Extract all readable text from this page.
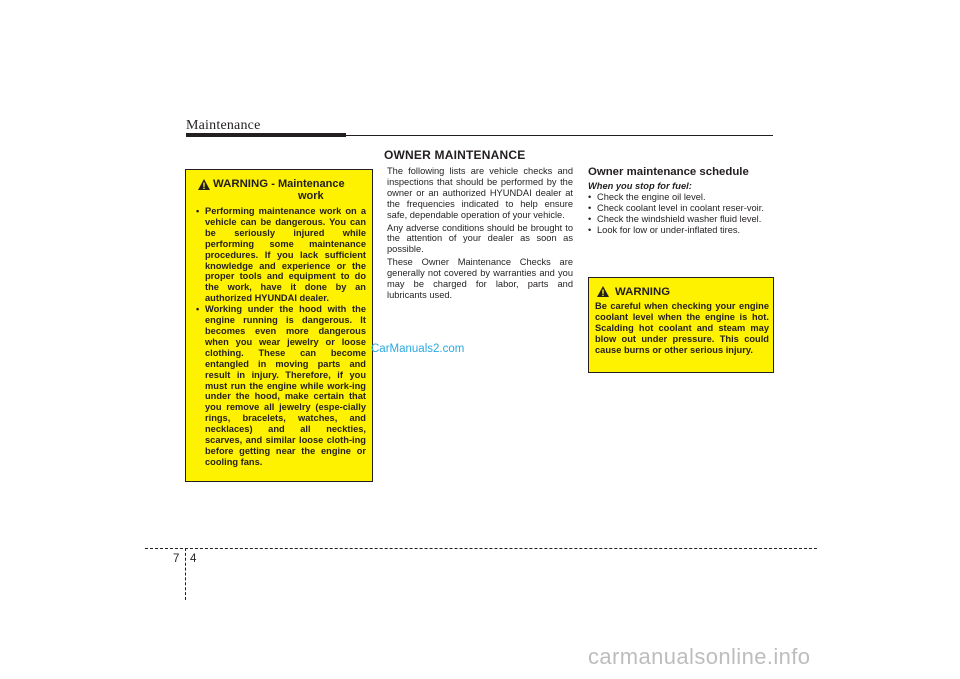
Maintenance
OWNER MAINTENANCE
WARNING - Maintenance
work
• Performing maintenance work on a vehicle can be dangerous. You can be seriously injured while performing some maintenance procedures. If you lack sufficient knowledge and experience or the proper tools and equipment to do the work, have it done by an authorized HYUNDAI dealer.
• Working under the hood with the engine running is dangerous. It becomes even more dangerous when you wear jewelry or loose clothing. These can become entangled in moving parts and result in injury. Therefore, if you must run the engine while work-ing under the hood, make certain that you remove all jewelry (espe-cially rings, bracelets, watches, and necklaces) and all neckties, scarves, and similar loose cloth-ing before getting near the engine or cooling fans.

The following lists are vehicle checks and inspections that should be performed by the owner or an authorized HYUNDAI dealer at the frequencies indicated to help ensure safe, dependable operation of your vehicle.

Any adverse conditions should be brought to the attention of your dealer as soon as possible.

These Owner Maintenance Checks are generally not covered by warranties and you may be charged for labor, parts and lubricants used.

Owner maintenance schedule
When you stop for fuel:
• Check the engine oil level.
• Check coolant level in coolant reser-voir.
• Check the windshield washer fluid level.
• Look for low or under-inflated tires.
WARNING
Be careful when checking your engine coolant level when the engine is hot. Scalding hot coolant and steam may blow out under pressure. This could cause burns or other serious injury.
CarManuals2.com
7 4
carmanualsonline.info
